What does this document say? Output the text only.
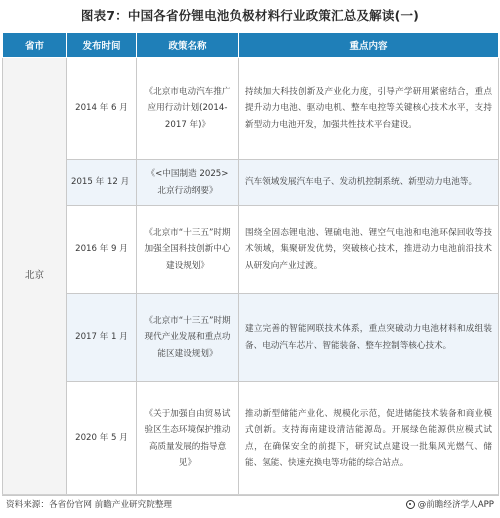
图表7：中国各省份锂电池负极材料行业政策汇总及解读(一)
省市	发布时间	政策名称	重点内容
北京	2014 年 6 月	《北京市电动汽车推广应用行动计划(2014-2017 年)》	持续加大科技创新及产业化力度，引导产学研用紧密结合，重点提升动力电池、驱动电机、整车电控等关键核心技术水平，支持新型动力电池开发，加强共性技术平台建设。
	2015 年 12 月	《<中国制造 2025>北京行动纲要》	汽车领域发展汽车电子、发动机控制系统、新型动力电池等。
	2016 年 9 月	《北京市“十三五”时期加强全国科技创新中心建设规划》	围绕全固态锂电池、锂硫电池、锂空气电池和电池环保回收等技术领域，集聚研发优势，突破核心技术，推进动力电池前沿技术从研发向产业过渡。
	2017 年 1 月	《北京市“十三五”时期现代产业发展和重点功能区建设规划》	建立完善的智能网联技术体系，重点突破动力电池材料和成组装备、电动汽车芯片、智能装备、整车控制等核心技术。
	2020 年 5 月	《关于加强自由贸易试验区生态环境保护推动高质量发展的指导意见》	推动新型储能产业化、规模化示范，促进储能技术装备和商业模式创新。支持海南建设清洁能源岛。开展绿色能源供应模式试点，在确保安全的前提下，研究试点建设一批集风光燃气、储能、氢能、快速充换电等功能的综合站点。
资料来源：各省份官网 前瞻产业研究院整理	@前瞻经济学人APP
